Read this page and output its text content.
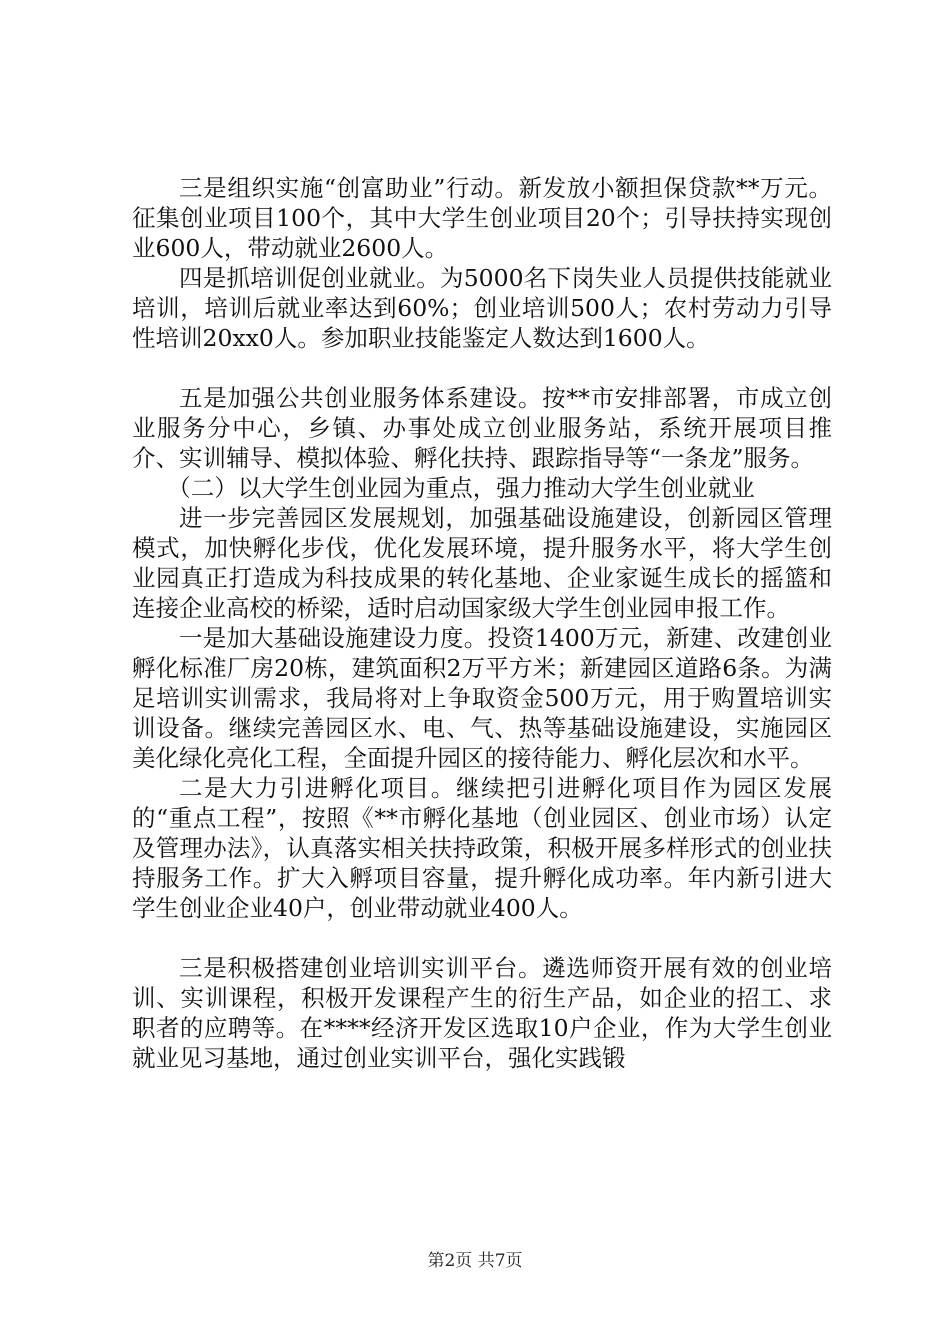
三是组织实施“创富助业”行动。新发放小额担保贷款**万元。征集创业项目100个，其中大学生创业项目20个；引导扶持实现创业600人，带动就业2600人。

四是抓培训促创业就业。为5000名下岗失业人员提供技能就业培训，培训后就业率达到60%；创业培训500人；农村劳动力引导性培训20xx0人。参加职业技能鉴定人数达到1600人。

五是加强公共创业服务体系建设。按**市安排部署，市成立创业服务分中心，乡镇、办事处成立创业服务站，系统开展项目推介、实训辅导、模拟体验、孵化扶持、跟踪指导等“一条龙”服务。

（二）以大学生创业园为重点，强力推动大学生创业就业

进一步完善园区发展规划，加强基础设施建设，创新园区管理模式，加快孵化步伐，优化发展环境，提升服务水平，将大学生创业园真正打造成为科技成果的转化基地、企业家诞生成长的摇篮和连接企业高校的桥梁，适时启动国家级大学生创业园申报工作。

一是加大基础设施建设力度。投资1400万元，新建、改建创业孵化标准厂房20栋，建筑面积2万平方米；新建园区道路6条。为满足培训实训需求，我局将对上争取资金500万元，用于购置培训实训设备。继续完善园区水、电、气、热等基础设施建设，实施园区美化绿化亮化工程，全面提升园区的接待能力、孵化层次和水平。

二是大力引进孵化项目。继续把引进孵化项目作为园区发展的“重点工程”，按照《**市孵化基地（创业园区、创业市场）认定及管理办法》，认真落实相关扶持政策，积极开展多样形式的创业扶持服务工作。扩大入孵项目容量，提升孵化成功率。年内新引进大学生创业企业40户，创业带动就业400人。

三是积极搭建创业培训实训平台。遴选师资开展有效的创业培训、实训课程，积极开发课程产生的衍生产品，如企业的招工、求职者的应聘等。在****经济开发区选取10户企业，作为大学生创业就业见习基地，通过创业实训平台，强化实践锻

第2页 共7页
